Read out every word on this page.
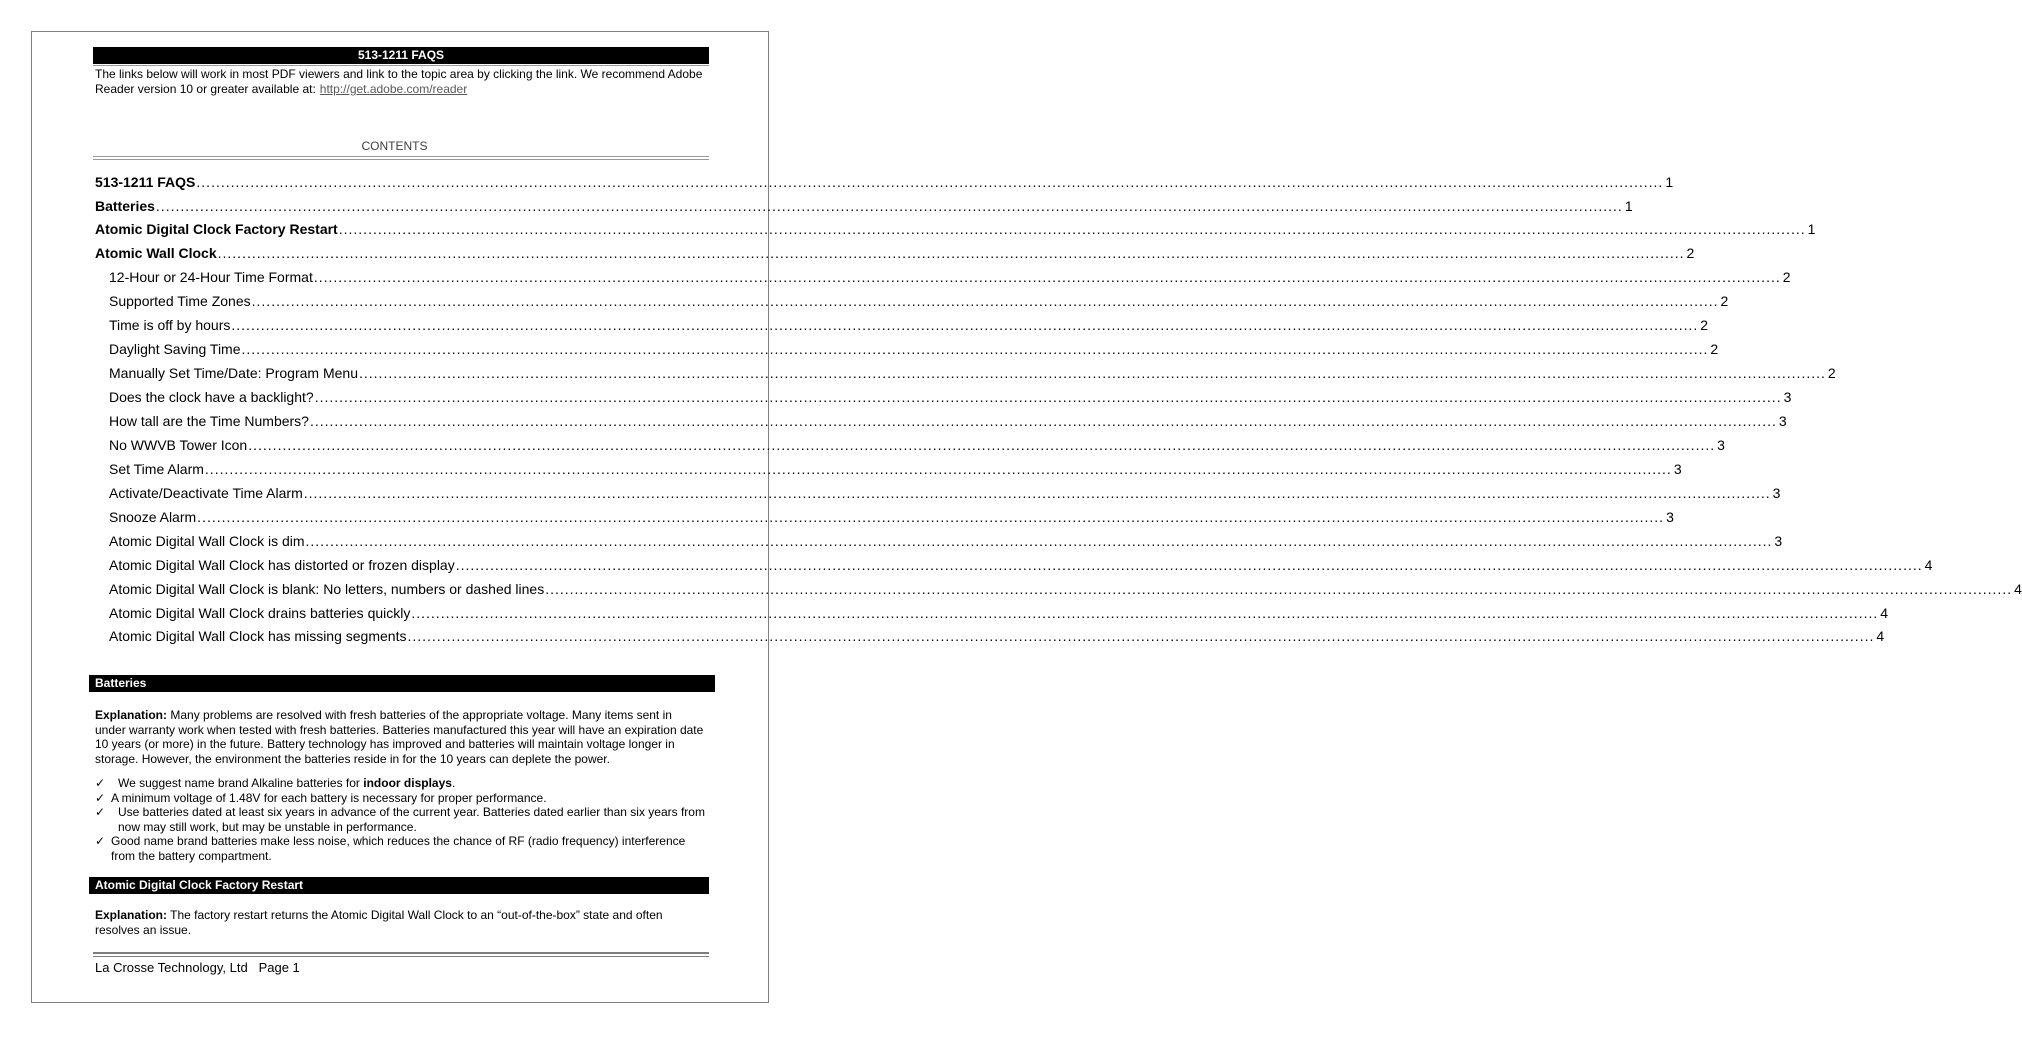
513-1211 FAQS
The links below will work in most PDF viewers and link to the topic area by clicking the link. We recommend Adobe Reader version 10 or greater available at: http://get.adobe.com/reader
CONTENTS
513-1211 FAQS ............................................................................................................................................................................................................................................................................................................ 1
Batteries ............................................................................................................................................................................................................................................................................................................ 1
Atomic Digital Clock Factory Restart ............................................................................................................................................................................................................................................................................................................ 1
Atomic Wall Clock ............................................................................................................................................................................................................................................................................................................ 2
12-Hour or 24-Hour Time Format ............................................................................................................................................................................................................................................................................................................ 2
Supported Time Zones ............................................................................................................................................................................................................................................................................................................ 2
Time is off by hours ............................................................................................................................................................................................................................................................................................................ 2
Daylight Saving Time ............................................................................................................................................................................................................................................................................................................ 2
Manually Set Time/Date: Program Menu ............................................................................................................................................................................................................................................................................................................ 2
Does the clock have a backlight? ............................................................................................................................................................................................................................................................................................................ 3
How tall are the Time Numbers? ............................................................................................................................................................................................................................................................................................................ 3
No WWVB Tower Icon ............................................................................................................................................................................................................................................................................................................ 3
Set Time Alarm ............................................................................................................................................................................................................................................................................................................ 3
Activate/Deactivate Time Alarm ............................................................................................................................................................................................................................................................................................................ 3
Snooze Alarm ............................................................................................................................................................................................................................................................................................................ 3
Atomic Digital Wall Clock is dim ............................................................................................................................................................................................................................................................................................................ 3
Atomic Digital Wall Clock has distorted or frozen display ............................................................................................................................................................................................................................................................................................................ 4
Atomic Digital Wall Clock is blank: No letters, numbers or dashed lines ............................................................................................................................................................................................................................................................................................................ 4
Atomic Digital Wall Clock drains batteries quickly ............................................................................................................................................................................................................................................................................................................ 4
Atomic Digital Wall Clock has missing segments ............................................................................................................................................................................................................................................................................................................ 4
Batteries
Explanation: Many problems are resolved with fresh batteries of the appropriate voltage. Many items sent in under warranty work when tested with fresh batteries. Batteries manufactured this year will have an expiration date 10 years (or more) in the future. Battery technology has improved and batteries will maintain voltage longer in storage. However, the environment the batteries reside in for the 10 years can deplete the power.
✓	We suggest name brand Alkaline batteries for indoor displays.
✓ A minimum voltage of 1.48V for each battery is necessary for proper performance.
✓	Use batteries dated at least six years in advance of the current year. Batteries dated earlier than six years from now may still work, but may be unstable in performance.
✓ Good name brand batteries make less noise, which reduces the chance of RF (radio frequency) interference from the battery compartment.
Atomic Digital Clock Factory Restart
Explanation: The factory restart returns the Atomic Digital Wall Clock to an “out-of-the-box” state and often resolves an issue.
La Crosse Technology, Ltd Page 1
